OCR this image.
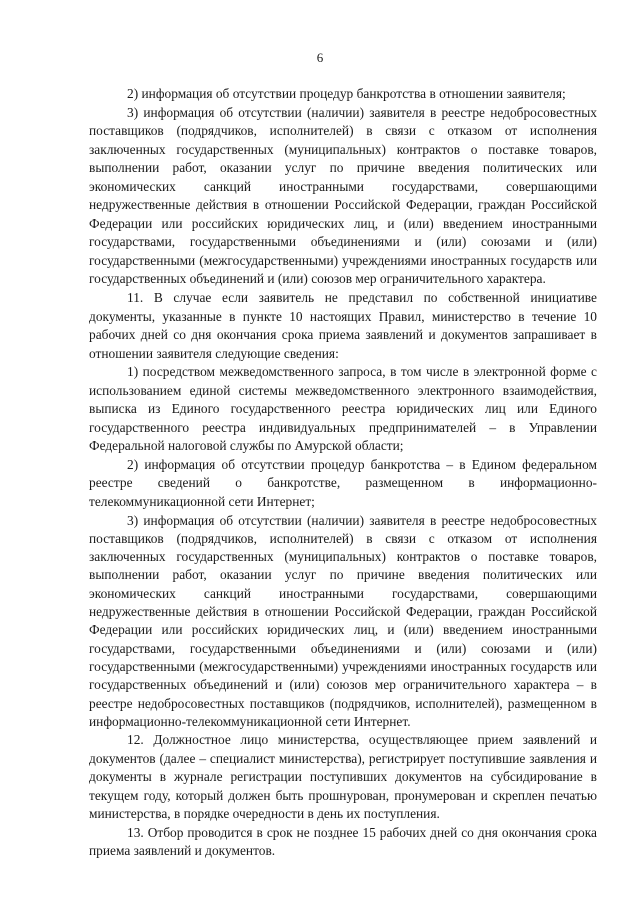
6

2) информация об отсутствии процедур банкротства в отношении заявителя;

3) информация об отсутствии (наличии) заявителя в реестре недобросовестных поставщиков (подрядчиков, исполнителей) в связи с отказом от исполнения заключенных государственных (муниципальных) контрактов о поставке товаров, выполнении работ, оказании услуг по причине введения политических или экономических санкций иностранными государствами, совершающими недружественные действия в отношении Российской Федерации, граждан Российской Федерации или российских юридических лиц, и (или) введением иностранными государствами, государственными объединениями и (или) союзами и (или) государственными (межгосударственными) учреждениями иностранных государств или государственных объединений и (или) союзов мер ограничительного характера.

11. В случае если заявитель не представил по собственной инициативе документы, указанные в пункте 10 настоящих Правил, министерство в течение 10 рабочих дней со дня окончания срока приема заявлений и документов запрашивает в отношении заявителя следующие сведения:

1) посредством межведомственного запроса, в том числе в электронной форме с использованием единой системы межведомственного электронного взаимодействия, выписка из Единого государственного реестра юридических лиц или Единого государственного реестра индивидуальных предпринимателей – в Управлении Федеральной налоговой службы по Амурской области;

2) информация об отсутствии процедур банкротства – в Едином федеральном реестре сведений о банкротстве, размещенном в информационно-телекоммуникационной сети Интернет;

3) информация об отсутствии (наличии) заявителя в реестре недобросовестных поставщиков (подрядчиков, исполнителей) в связи с отказом от исполнения заключенных государственных (муниципальных) контрактов о поставке товаров, выполнении работ, оказании услуг по причине введения политических или экономических санкций иностранными государствами, совершающими недружественные действия в отношении Российской Федерации, граждан Российской Федерации или российских юридических лиц, и (или) введением иностранными государствами, государственными объединениями и (или) союзами и (или) государственными (межгосударственными) учреждениями иностранных государств или государственных объединений и (или) союзов мер ограничительного характера – в реестре недобросовестных поставщиков (подрядчиков, исполнителей), размещенном в информационно-телекоммуникационной сети Интернет.

12. Должностное лицо министерства, осуществляющее прием заявлений и документов (далее – специалист министерства), регистрирует поступившие заявления и документы в журнале регистрации поступивших документов на субсидирование в текущем году, который должен быть прошнурован, пронумерован и скреплен печатью министерства, в порядке очередности в день их поступления.

13. Отбор проводится в срок не позднее 15 рабочих дней со дня окончания срока приема заявлений и документов.
